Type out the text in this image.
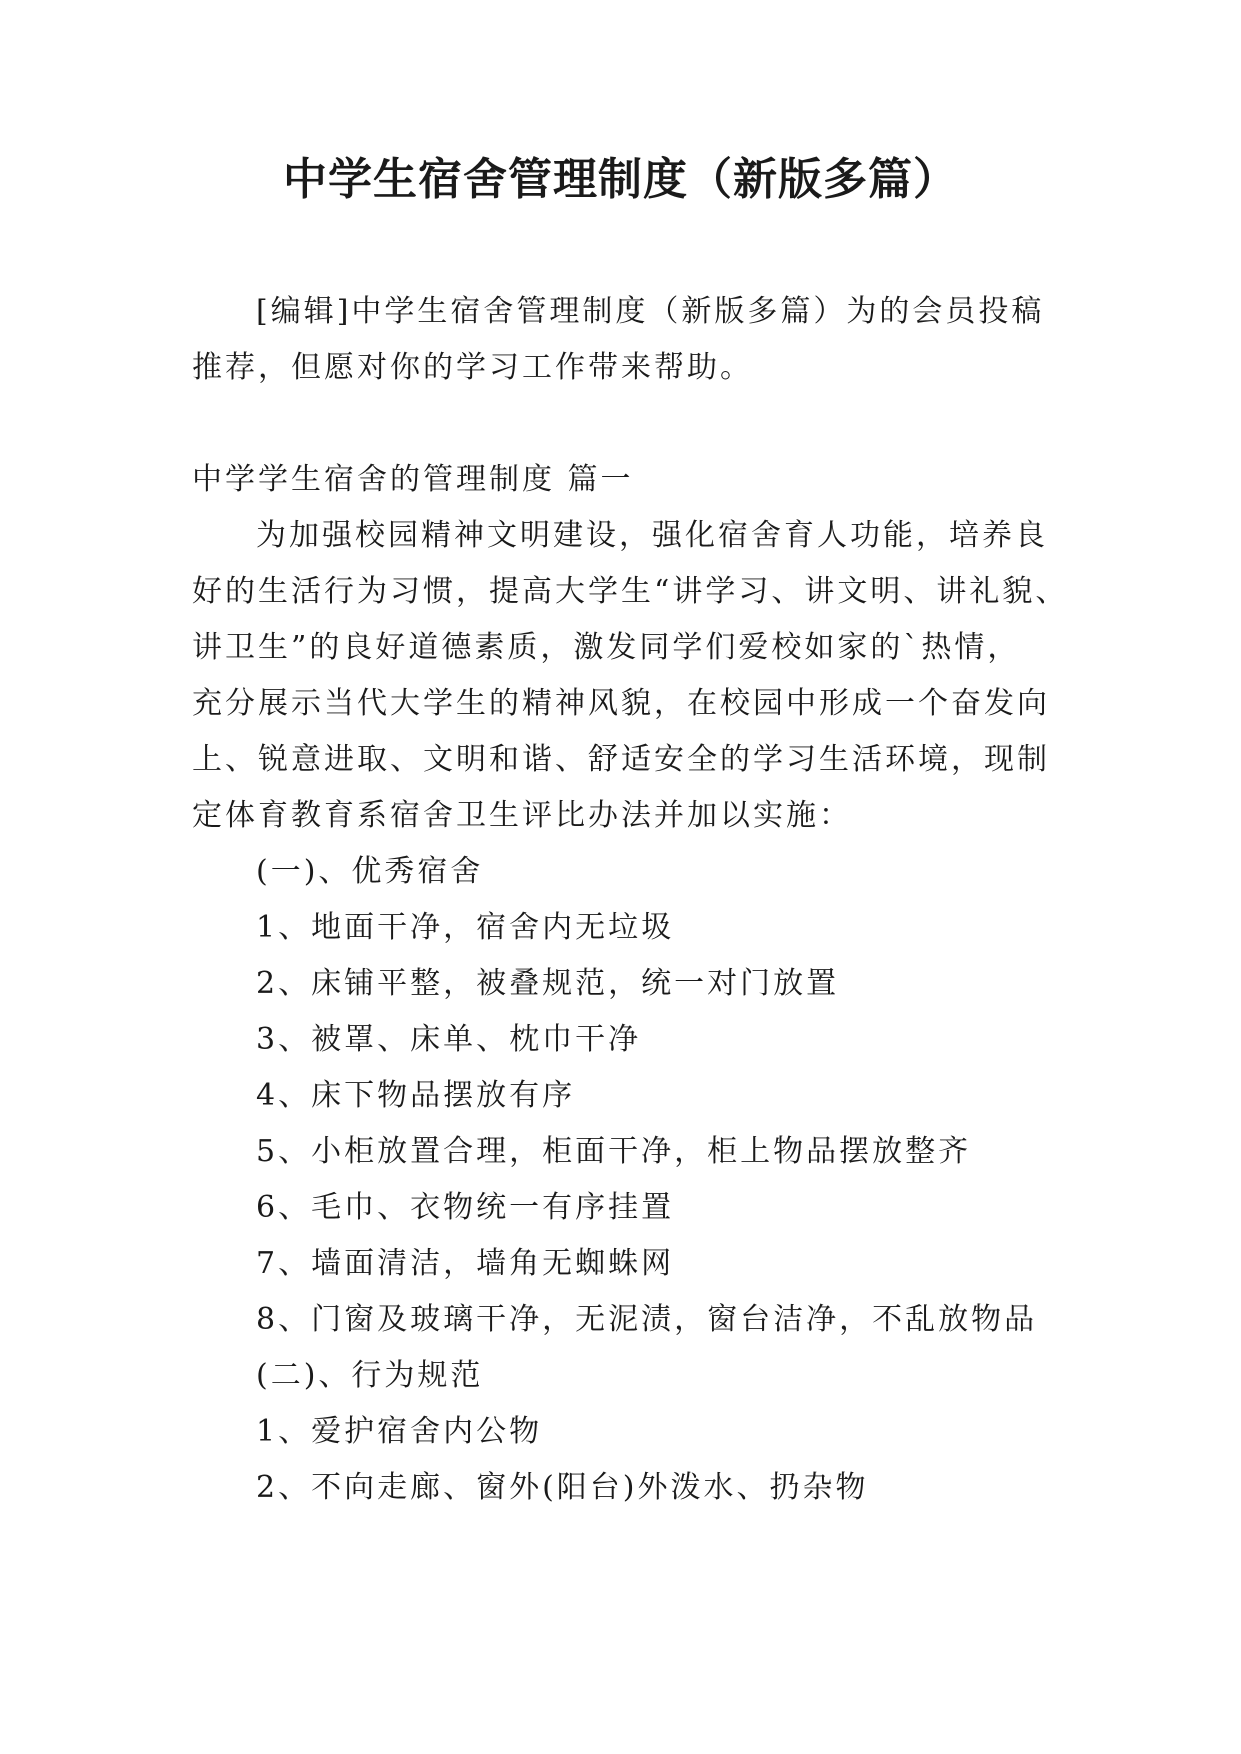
中学生宿舍管理制度（新版多篇）
[编辑]中学生宿舍管理制度（新版多篇）为的会员投稿
推荐，但愿对你的学习工作带来帮助。
中学学生宿舍的管理制度 篇一
为加强校园精神文明建设，强化宿舍育人功能，培养良
好的生活行为习惯，提高大学生“讲学习、讲文明、讲礼貌、
讲卫生”的良好道德素质，激发同学们爱校如家的`热情，
充分展示当代大学生的精神风貌，在校园中形成一个奋发向
上、锐意进取、文明和谐、舒适安全的学习生活环境，现制
定体育教育系宿舍卫生评比办法并加以实施：
(一)、优秀宿舍
1、地面干净，宿舍内无垃圾
2、床铺平整，被叠规范，统一对门放置
3、被罩、床单、枕巾干净
4、床下物品摆放有序
5、小柜放置合理，柜面干净，柜上物品摆放整齐
6、毛巾、衣物统一有序挂置
7、墙面清洁，墙角无蜘蛛网
8、门窗及玻璃干净，无泥渍，窗台洁净，不乱放物品
(二)、行为规范
1、爱护宿舍内公物
2、不向走廊、窗外(阳台)外泼水、扔杂物
